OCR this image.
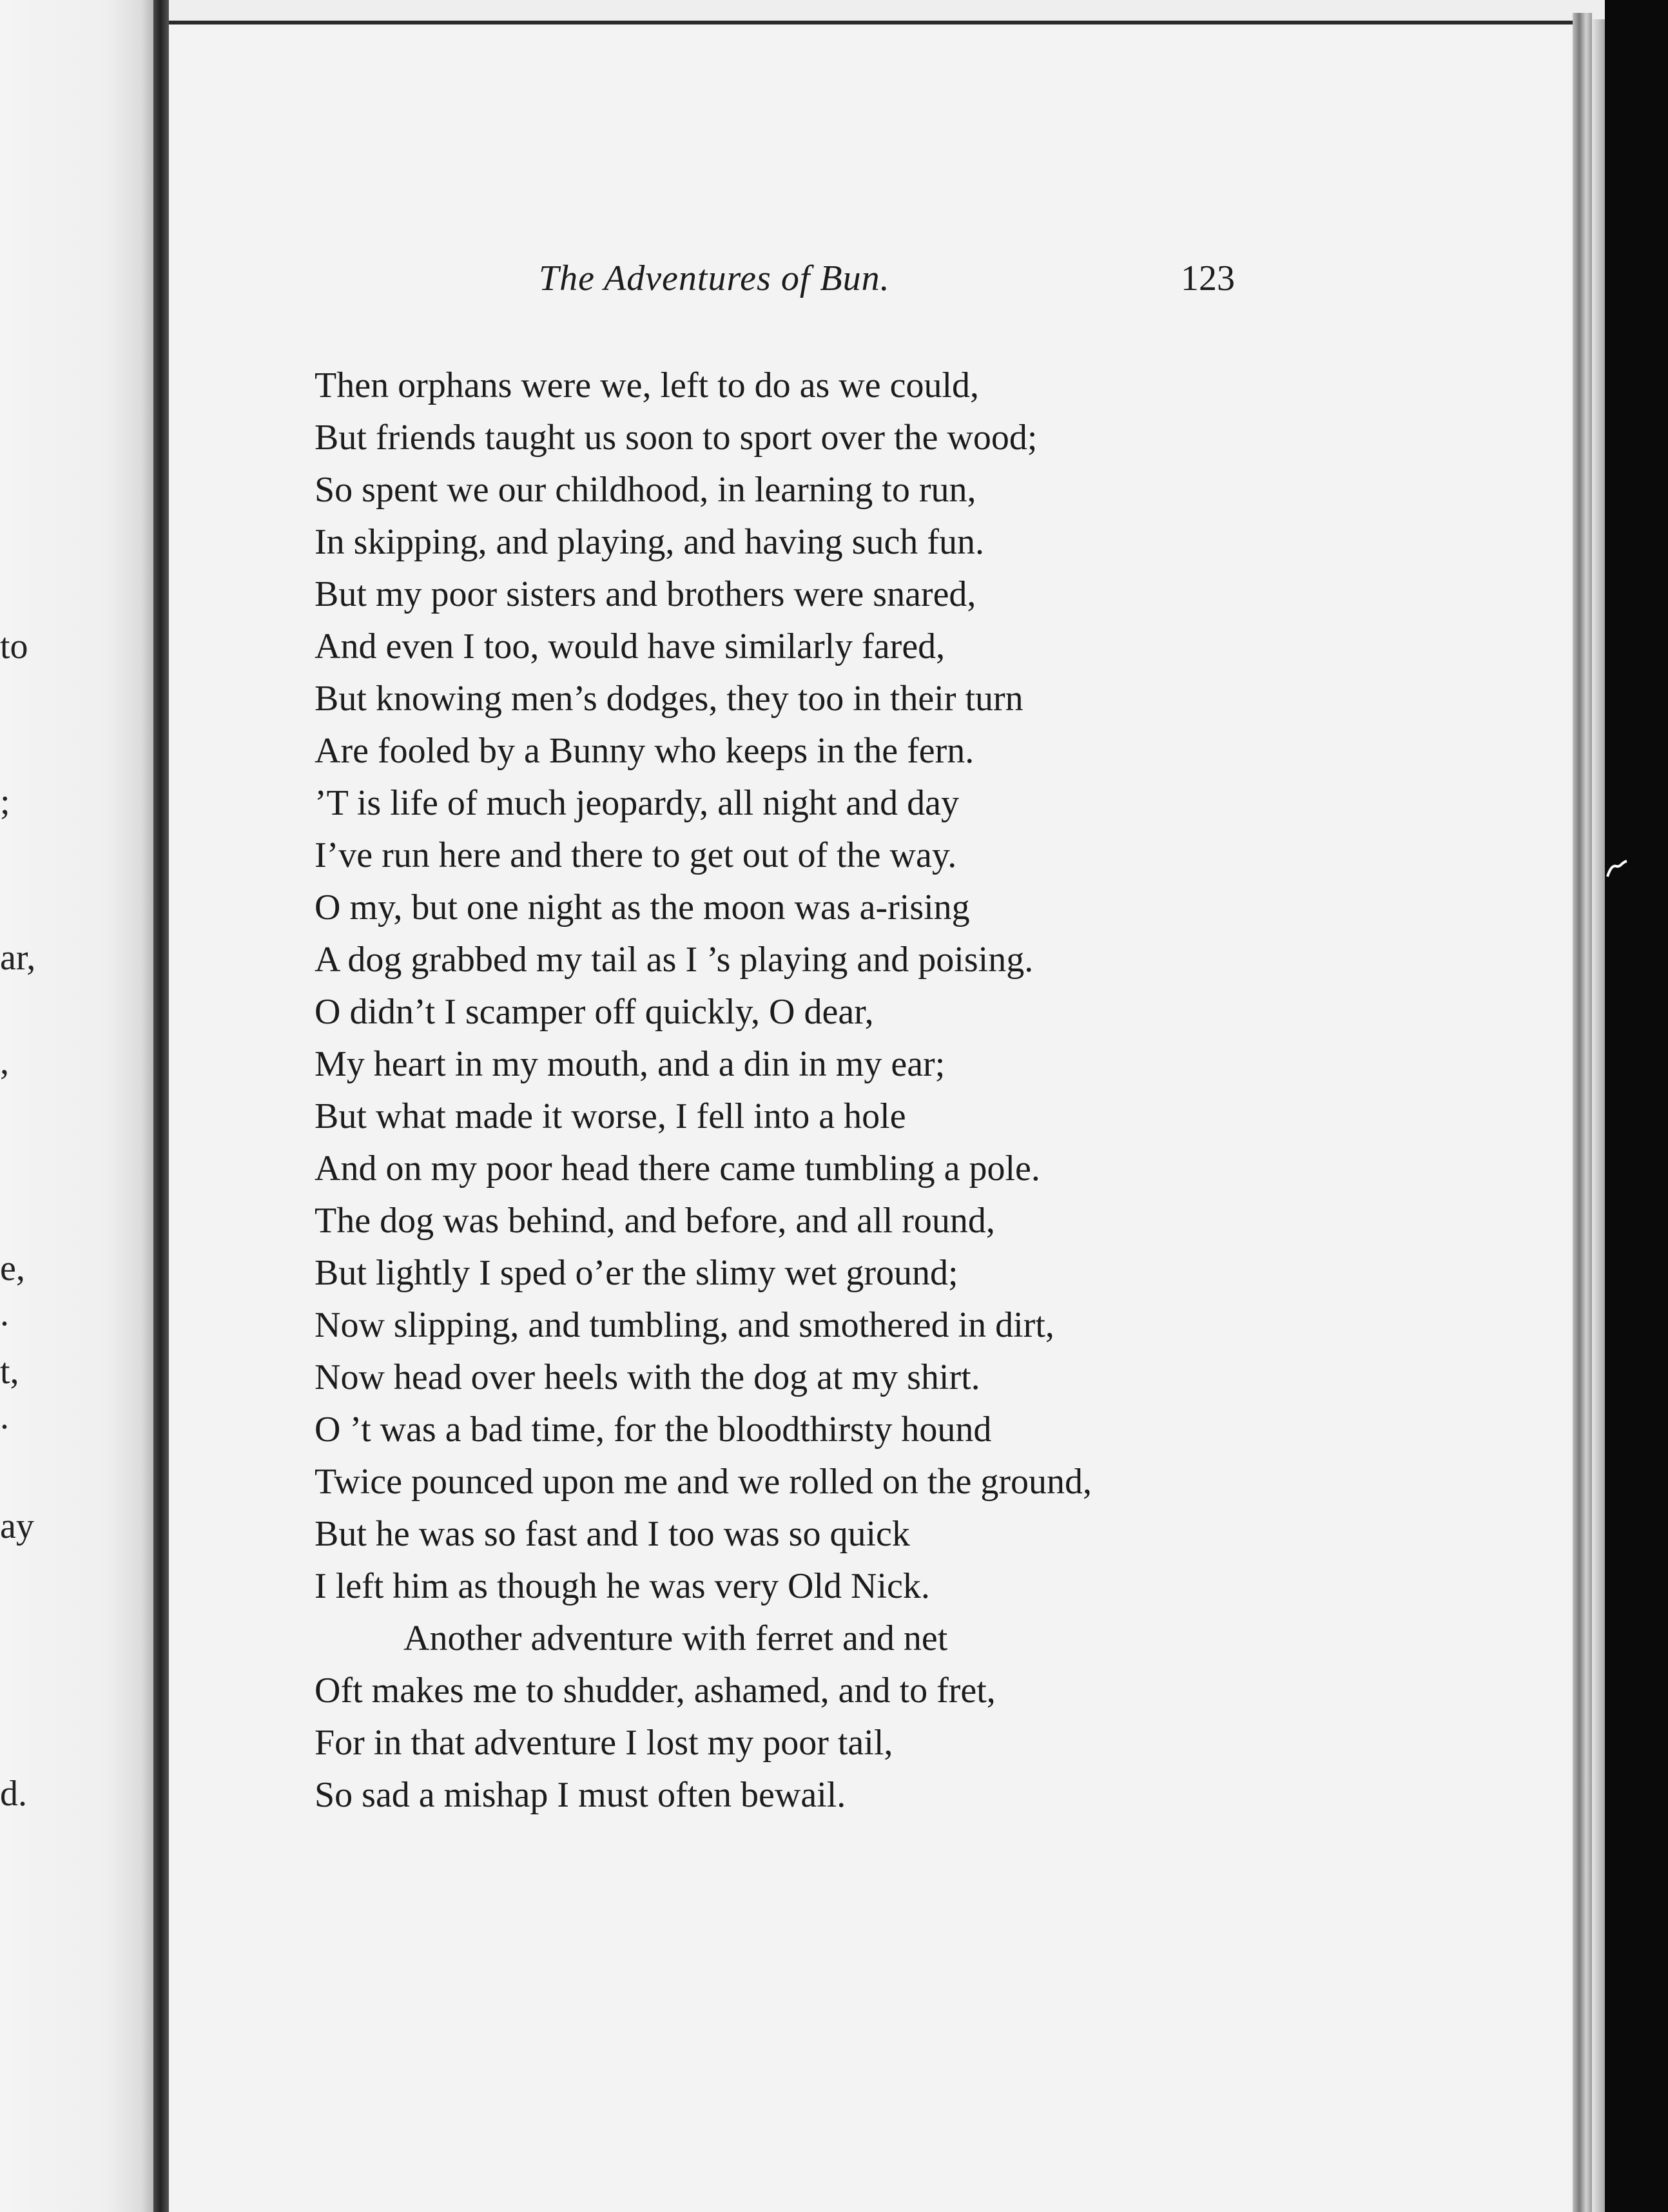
to
;
ar,
,
e,
.
t,
.
ay
d.
The Adventures of Bun.	123
Then orphans were we, left to do as we could,
But friends taught us soon to sport over the wood;
So spent we our childhood, in learning to run,
In skipping, and playing, and having such fun.
But my poor sisters and brothers were snared,
And even I too, would have similarly fared,
But knowing men’s dodges, they too in their turn
Are fooled by a Bunny who keeps in the fern.
’T is life of much jeopardy, all night and day
I’ve run here and there to get out of the way.
O my, but one night as the moon was a-rising
A dog grabbed my tail as I ’s playing and poising.
O didn’t I scamper off quickly, O dear,
My heart in my mouth, and a din in my ear;
But what made it worse, I fell into a hole
And on my poor head there came tumbling a pole.
The dog was behind, and before, and all round,
But lightly I sped o’er the slimy wet ground;
Now slipping, and tumbling, and smothered in dirt,
Now head over heels with the dog at my shirt.
O ’t was a bad time, for the bloodthirsty hound
Twice pounced upon me and we rolled on the ground,
But he was so fast and I too was so quick
I left him as though he was very Old Nick.
Another adventure with ferret and net
Oft makes me to shudder, ashamed, and to fret,
For in that adventure I lost my poor tail,
So sad a mishap I must often bewail.
